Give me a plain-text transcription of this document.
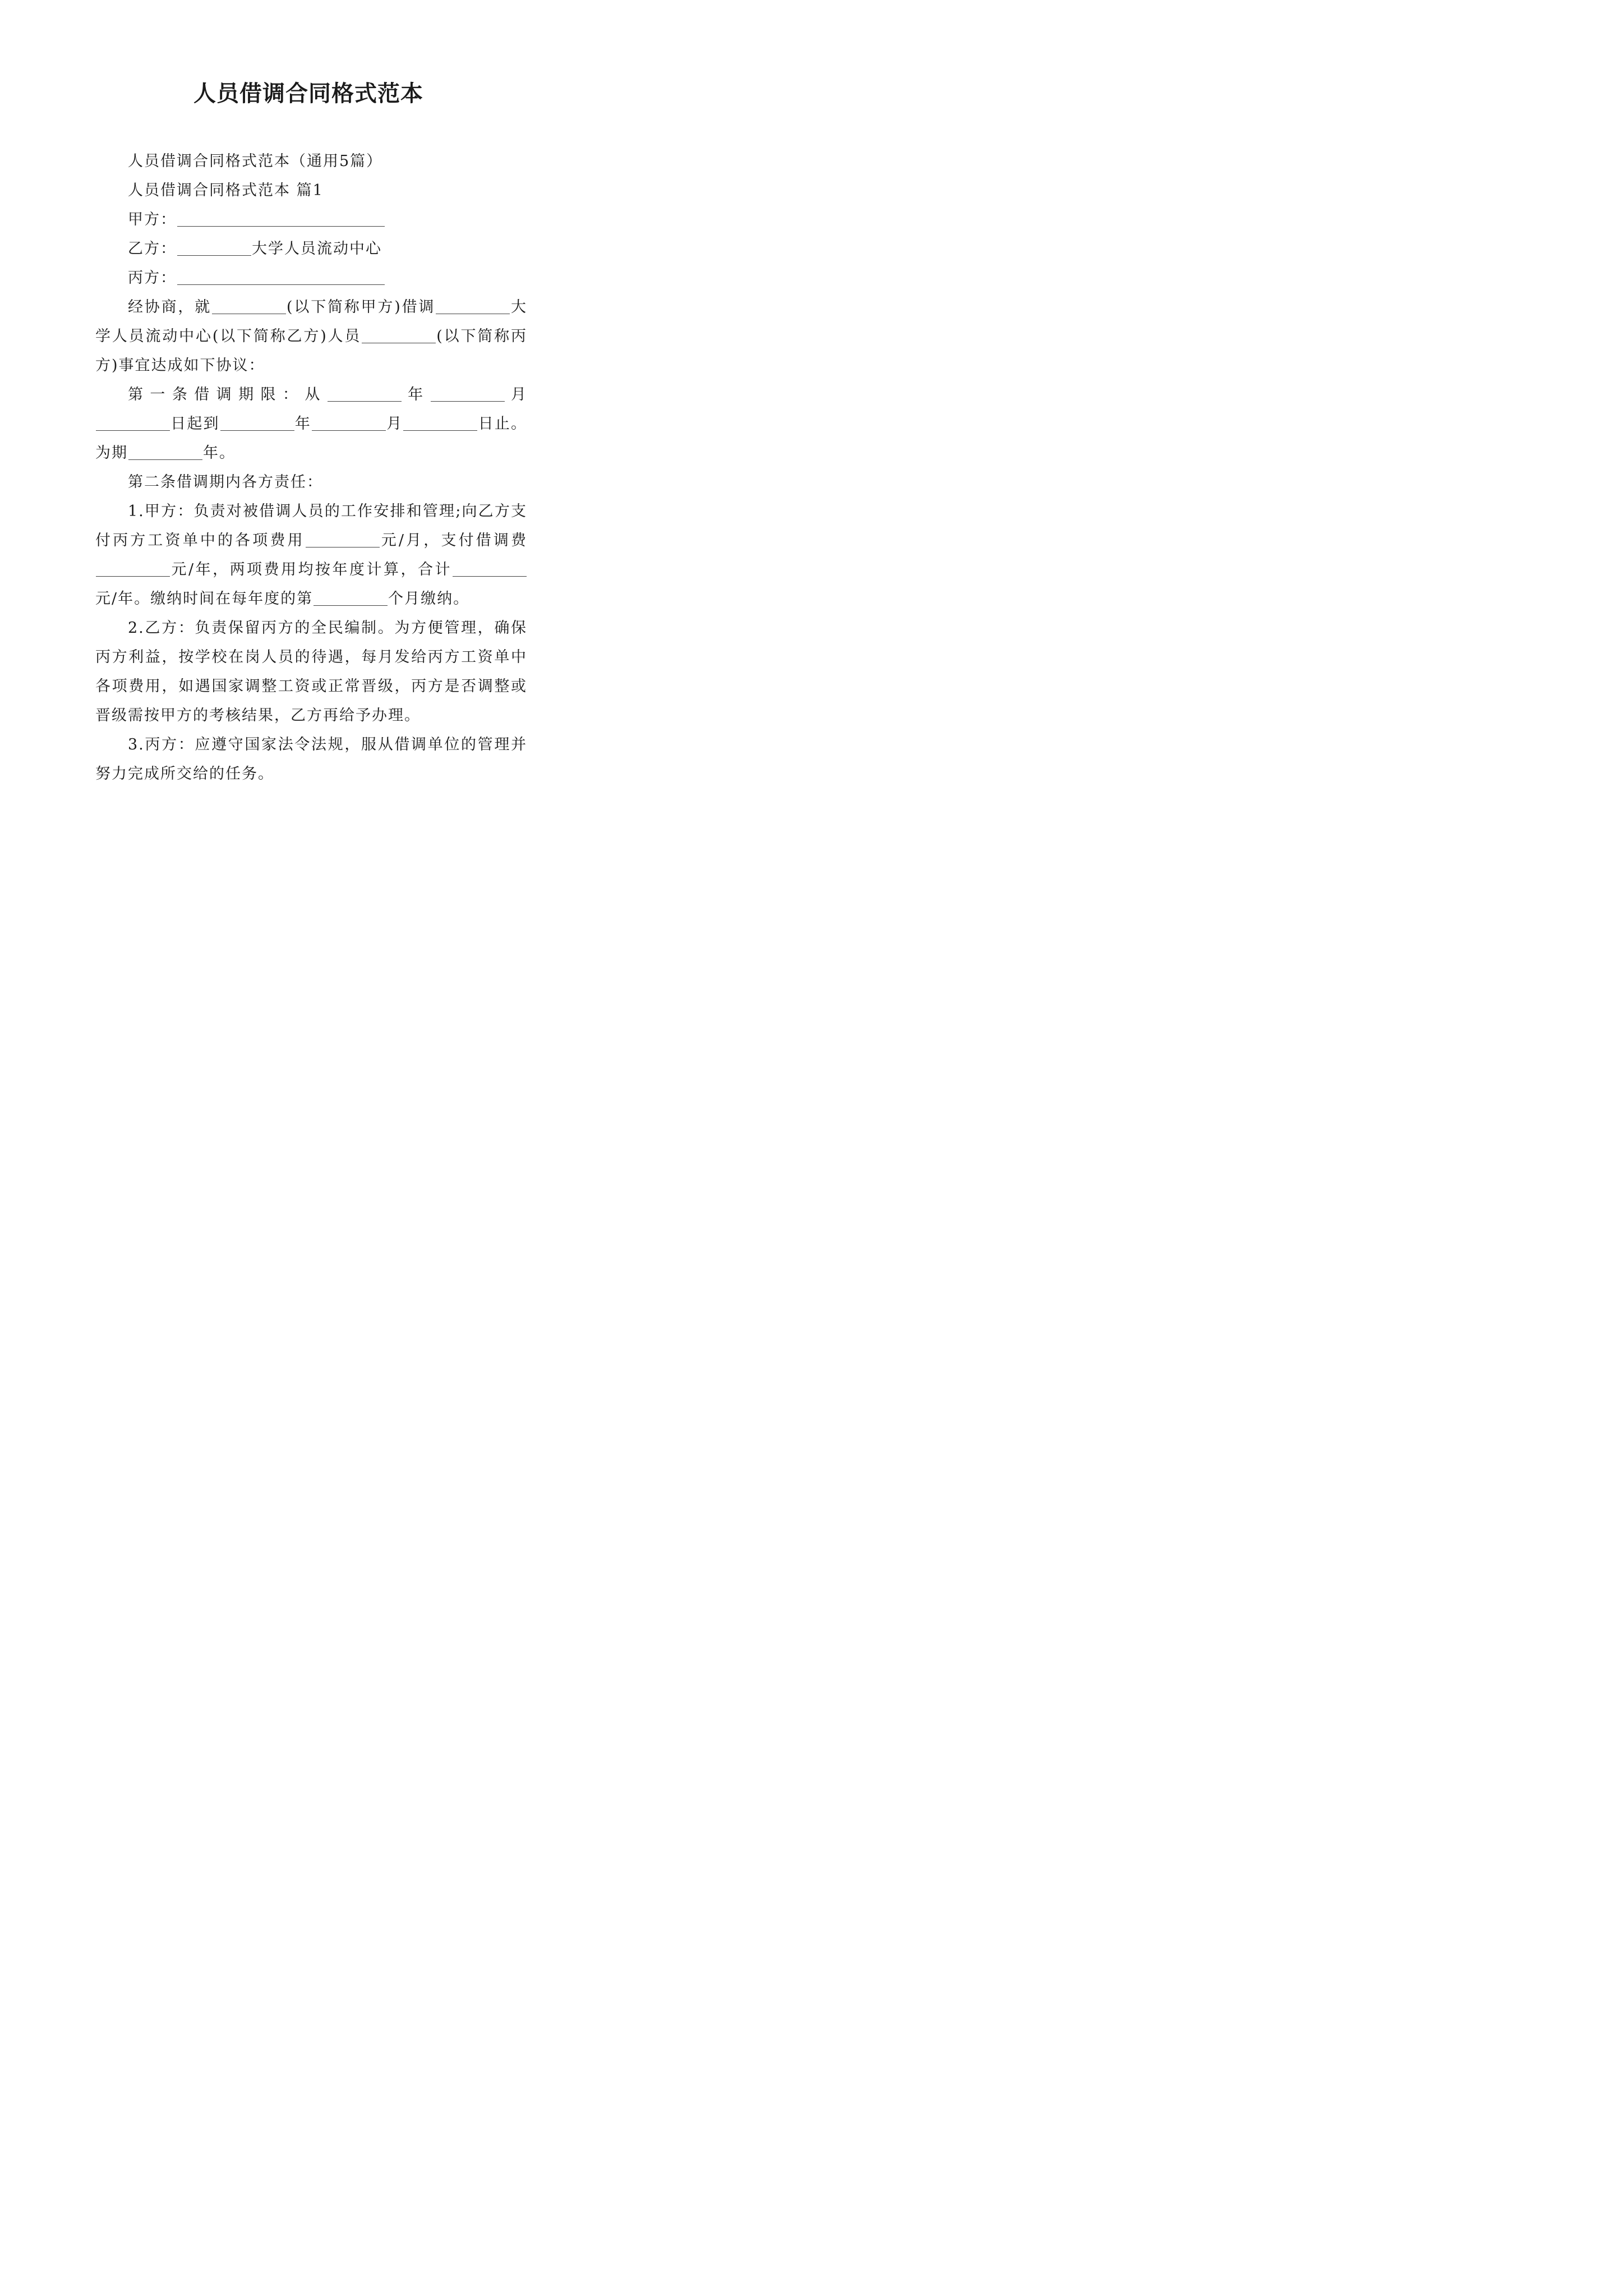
人员借调合同格式范本

人员借调合同格式范本（通用5篇）

人员借调合同格式范本 篇1

甲方：

乙方：	大学人员流动中心

丙方：

经协商，就	(以下简称甲方)借调	大学人员流动中心(以下简称乙方)人员	(以下简称丙方)事宜达成如下协议：

第一条借调期限：从	年	月日起到	年	月	日止。为期	年。

第二条借调期内各方责任：

1.甲方：负责对被借调人员的工作安排和管理;向乙方支付丙方工资单中的各项费用	元/月，支付借调费元/年，两项费用均按年度计算，合计元/年。缴纳时间在每年度的第	个月缴纳。

2.乙方：负责保留丙方的全民编制。为方便管理，确保丙方利益，按学校在岗人员的待遇，每月发给丙方工资单中各项费用，如遇国家调整工资或正常晋级，丙方是否调整或晋级需按甲方的考核结果，乙方再给予办理。

3.丙方：应遵守国家法令法规，服从借调单位的管理并努力完成所交给的任务。
